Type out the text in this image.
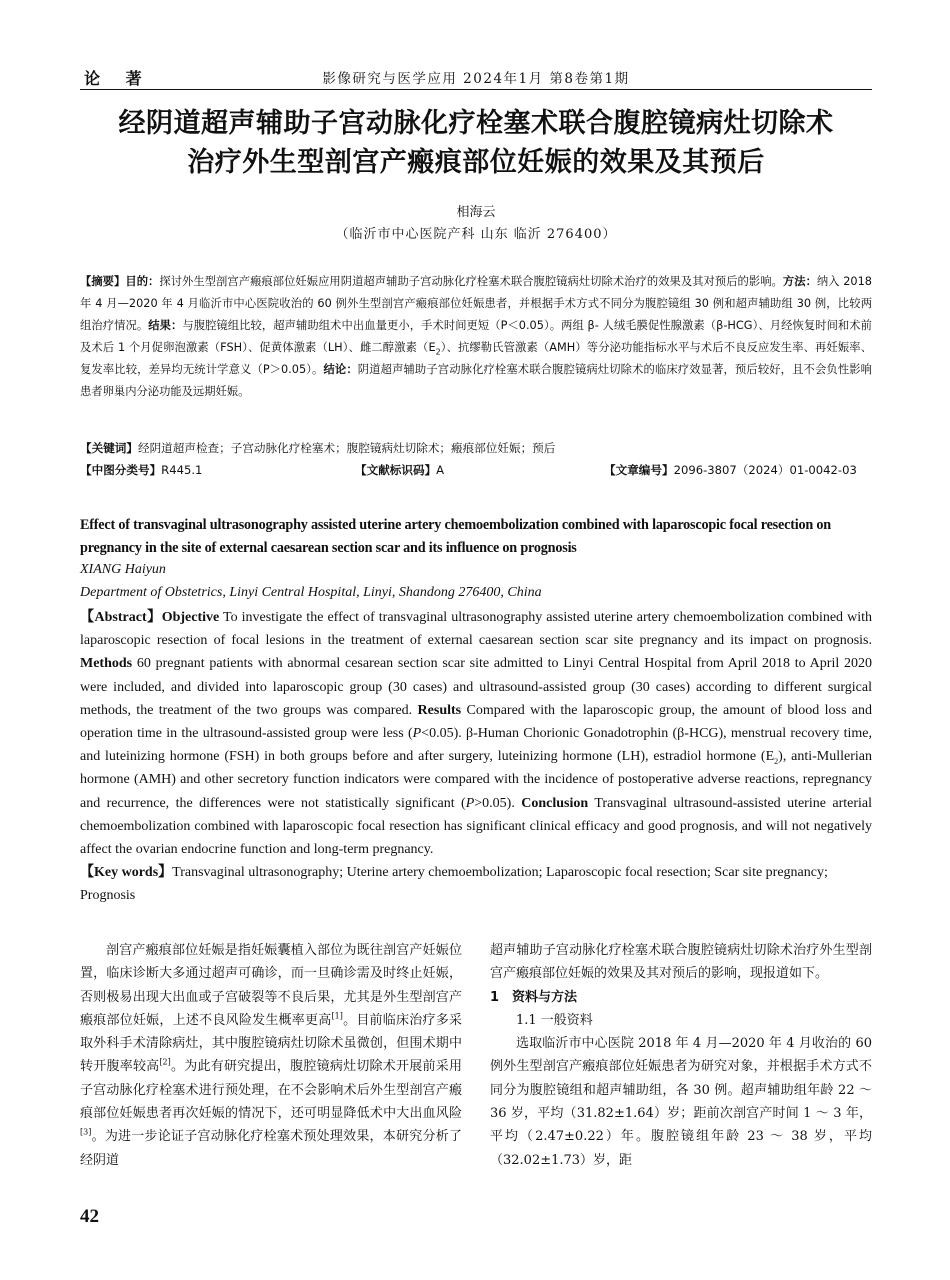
论 著	影像研究与医学应用 2024年1月 第8卷第1期
经阴道超声辅助子宫动脉化疗栓塞术联合腹腔镜病灶切除术
治疗外生型剖宫产瘢痕部位妊娠的效果及其预后
相海云
（临沂市中心医院产科 山东 临沂 276400）
【摘要】目的：探讨外生型剖宫产瘢痕部位妊娠应用阴道超声辅助子宫动脉化疗栓塞术联合腹腔镜病灶切除术治疗的效果及其对预后的影响。方法：纳入 2018 年 4 月—2020 年 4 月临沂市中心医院收治的 60 例外生型剖宫产瘢痕部位妊娠患者，并根据手术方式不同分为腹腔镜组 30 例和超声辅助组 30 例，比较两组治疗情况。结果：与腹腔镜组比较，超声辅助组术中出血量更小，手术时间更短（P＜0.05）。两组 β- 人绒毛膜促性腺激素（β-HCG）、月经恢复时间和术前及术后 1 个月促卵泡激素（FSH）、促黄体激素（LH）、雌二醇激素$(E_2)$、抗缪勒氏管激素（AMH）等分泌功能指标水平与术后不良反应发生率、再妊娠率、复发率比较，差异均无统计学意义（P＞0.05）。结论：阴道超声辅助子宫动脉化疗栓塞术联合腹腔镜病灶切除术的临床疗效显著，预后较好，且不会负性影响患者卵巢内分泌功能及远期妊娠。
【关键词】经阴道超声检查；子宫动脉化疗栓塞术；腹腔镜病灶切除术；瘢痕部位妊娠；预后
【中图分类号】R445.1	【文献标识码】A	【文章编号】2096-3807（2024）01-0042-03
Effect of transvaginal ultrasonography assisted uterine artery chemoembolization combined with laparoscopic focal resection on pregnancy in the site of external caesarean section scar and its influence on prognosis
XIANG Haiyun
Department of Obstetrics, Linyi Central Hospital, Linyi, Shandong 276400, China
【Abstract】Objective To investigate the effect of transvaginal ultrasonography assisted uterine artery chemoembolization combined with laparoscopic resection of focal lesions in the treatment of external caesarean section scar site pregnancy and its impact on prognosis. Methods 60 pregnant patients with abnormal cesarean section scar site admitted to Linyi Central Hospital from April 2018 to April 2020 were included, and divided into laparoscopic group (30 cases) and ultrasound-assisted group (30 cases) according to different surgical methods, the treatment of the two groups was compared. Results Compared with the laparoscopic group, the amount of blood loss and operation time in the ultrasound-assisted group were less (P<0.05). β-Human Chorionic Gonadotrophin (β-HCG), menstrual recovery time, and luteinizing hormone (FSH) in both groups before and after surgery, luteinizing hormone (LH), estradiol hormone $(E_2)$, anti-Mullerian hormone (AMH) and other secretory function indicators were compared with the incidence of postoperative adverse reactions, repregnancy and recurrence, the differences were not statistically significant (P>0.05). Conclusion Transvaginal ultrasound-assisted uterine arterial chemoembolization combined with laparoscopic focal resection has significant clinical efficacy and good prognosis, and will not negatively affect the ovarian endocrine function and long-term pregnancy.
【Key words】Transvaginal ultrasonography; Uterine artery chemoembolization; Laparoscopic focal resection; Scar site pregnancy; Prognosis

剖宫产瘢痕部位妊娠是指妊娠囊植入部位为既往剖宫产妊娠位置，临床诊断大多通过超声可确诊，而一旦确诊需及时终止妊娠，否则极易出现大出血或子宫破裂等不良后果，尤其是外生型剖宫产瘢痕部位妊娠，上述不良风险发生概率更高[1]。目前临床治疗多采取外科手术清除病灶，其中腹腔镜病灶切除术虽微创，但围术期中转开腹率较高[2]。为此有研究提出，腹腔镜病灶切除术开展前采用子宫动脉化疗栓塞术进行预处理，在不会影响术后外生型剖宫产瘢痕部位妊娠患者再次妊娠的情况下，还可明显降低术中大出血风险[3]。为进一步论证子宫动脉化疗栓塞术预处理效果，本研究分析了经阴道

超声辅助子宫动脉化疗栓塞术联合腹腔镜病灶切除术治疗外生型剖宫产瘢痕部位妊娠的效果及其对预后的影响，现报道如下。

1　资料与方法

1.1 一般资料

选取临沂市中心医院 2018 年 4 月—2020 年 4 月收治的 60 例外生型剖宫产瘢痕部位妊娠患者为研究对象，并根据手术方式不同分为腹腔镜组和超声辅助组，各 30 例。超声辅助组年龄 22 ～ 36 岁，平均（31.82±1.64）岁；距前次剖宫产时间 1 ～ 3 年，平均（2.47±0.22）年。腹腔镜组年龄 23 ～ 38 岁，平均（32.02±1.73）岁，距

42
